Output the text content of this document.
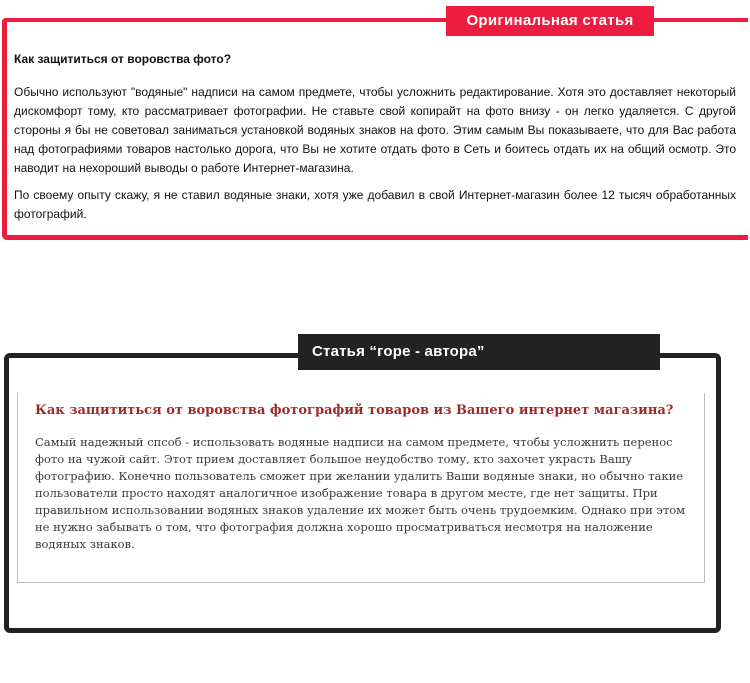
Оригинальная статья

Как защититься от воровства фото?

Обычно используют "водяные" надписи на самом предмете, чтобы усложнить редактирование. Хотя это доставляет некоторый дискомфорт тому, кто рассматривает фотографии. Не ставьте свой копирайт на фото внизу - он легко удаляется. С другой стороны я бы не советовал заниматься установкой водяных знаков на фото. Этим самым Вы показываете, что для Вас работа над фотографиями товаров настолько дорога, что Вы не хотите отдать фото в Сеть и боитесь отдать их на общий осмотр. Это наводит на нехороший выводы о работе Интернет-магазина.

По своему опыту скажу, я не ставил водяные знаки, хотя уже добавил в свой Интернет-магазин более 12 тысяч обработанных фотографий.

Статья “горе - автора”

Как защититься от воровства фотографий товаров из Вашего интернет магазина?

Самый надежный спсоб - использовать водяные надписи на самом предмете, чтобы усложнить перенос фото на чужой сайт. Этот прием доставляет большое неудобство тому, кто захочет украсть Вашу фотографию. Конечно пользователь сможет при желании удалить Ваши водяные знаки, но обычно такие пользователи просто находят аналогичное изображение товара в другом месте, где нет защиты. При правильном использовании водяных знаков удаление их может быть очень трудоемким. Однако при этом не нужно забывать о том, что фотография должна хорошо просматриваться несмотря на наложение водяных знаков.
